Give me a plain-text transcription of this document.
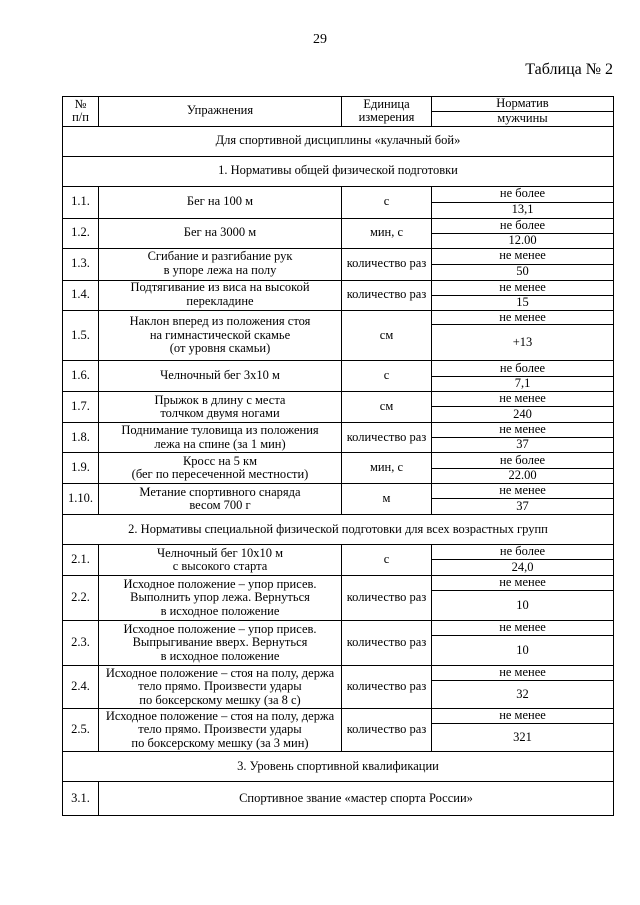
29
Таблица № 2
№
п/п	Упражнения	Единица
измерения	Норматив
			мужчины
Для спортивной дисциплины «кулачный бой»			
1. Нормативы общей физической подготовки			
1.1.	Бег на 100 м	с	не более
			13,1
1.2.	Бег на 3000 м	мин, с	не более
			12.00
1.3.	Сгибание и разгибание рук
в упоре лежа на полу	количество раз	не менее
			50
1.4.	Подтягивание из виса на высокой
перекладине	количество раз	не менее
			15
1.5.	Наклон вперед из положения стоя
на гимнастической скамье
(от уровня скамьи)	см	не менее
			+13
1.6.	Челночный бег 3x10 м	с	не более
			7,1
1.7.	Прыжок в длину с места
толчком двумя ногами	см	не менее
			240
1.8.	Поднимание туловища из положения
лежа на спине (за 1 мин)	количество раз	не менее
			37
1.9.	Кросс на 5 км
(бег по пересеченной местности)	мин, с	не более
			22.00
1.10.	Метание спортивного снаряда
весом 700 г	м	не менее
			37
2. Нормативы специальной физической подготовки для всех возрастных групп			
2.1.	Челночный бег 10x10 м
с высокого старта	с	не более
			24,0
2.2.	Исходное положение – упор присев.
Выполнить упор лежа. Вернуться
в исходное положение	количество раз	не менее
			10
2.3.	Исходное положение – упор присев.
Выпрыгивание вверх. Вернуться
в исходное положение	количество раз	не менее
			10
2.4.	Исходное положение – стоя на полу, держа
тело прямо. Произвести удары
по боксерскому мешку (за 8 с)	количество раз	не менее
			32
2.5.	Исходное положение – стоя на полу, держа
тело прямо. Произвести удары
по боксерскому мешку (за 3 мин)	количество раз	не менее
			321
3. Уровень спортивной квалификации			
3.1.	Спортивное звание «мастер спорта России»		
